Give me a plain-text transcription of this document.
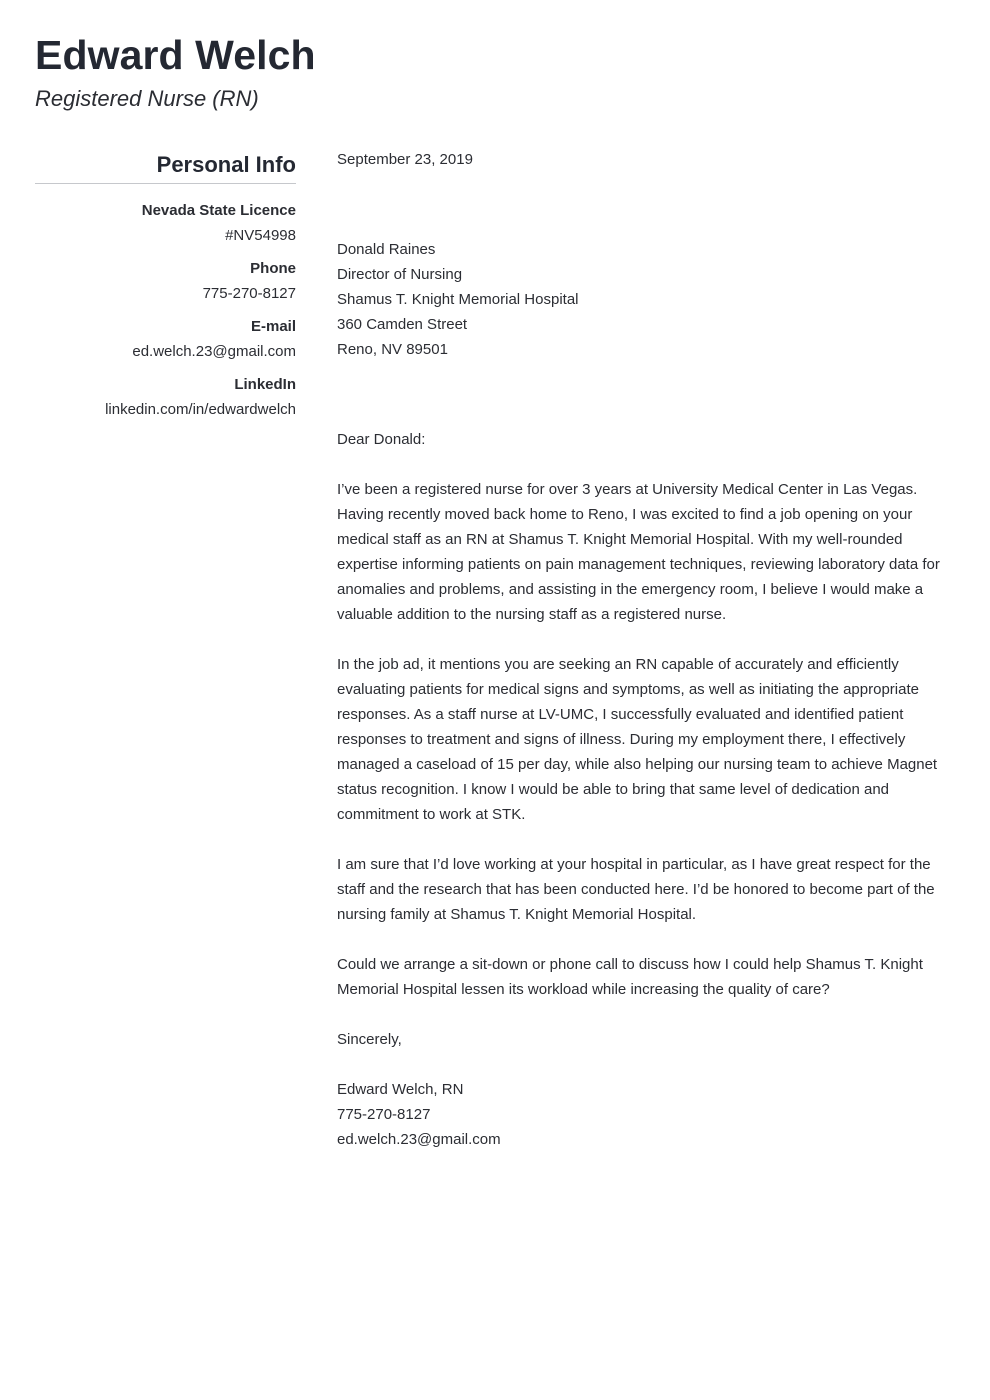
Edward Welch
Registered Nurse (RN)
Personal Info
Nevada State Licence
#NV54998
Phone
775-270-8127
E-mail
ed.welch.23@gmail.com
LinkedIn
linkedin.com/in/edwardwelch

September 23, 2019

Donald Raines
Director of Nursing
Shamus T. Knight Memorial Hospital
360 Camden Street
Reno, NV 89501

Dear Donald:

I’ve been a registered nurse for over 3 years at University Medical Center in Las Vegas. Having recently moved back home to Reno, I was excited to find a job opening on your medical staff as an RN at Shamus T. Knight Memorial Hospital. With my well-rounded expertise informing patients on pain management techniques, reviewing laboratory data for anomalies and problems, and assisting in the emergency room, I believe I would make a valuable addition to the nursing staff as a registered nurse.

In the job ad, it mentions you are seeking an RN capable of accurately and efficiently evaluating patients for medical signs and symptoms, as well as initiating the appropriate responses. As a staff nurse at LV-UMC, I successfully evaluated and identified patient responses to treatment and signs of illness. During my employment there, I effectively managed a caseload of 15 per day, while also helping our nursing team to achieve Magnet status recognition. I know I would be able to bring that same level of dedication and commitment to work at STK.

I am sure that I’d love working at your hospital in particular, as I have great respect for the staff and the research that has been conducted here. I’d be honored to become part of the nursing family at Shamus T. Knight Memorial Hospital.

Could we arrange a sit-down or phone call to discuss how I could help Shamus T. Knight Memorial Hospital lessen its workload while increasing the quality of care?

Sincerely,

Edward Welch, RN
775-270-8127
ed.welch.23@gmail.com
